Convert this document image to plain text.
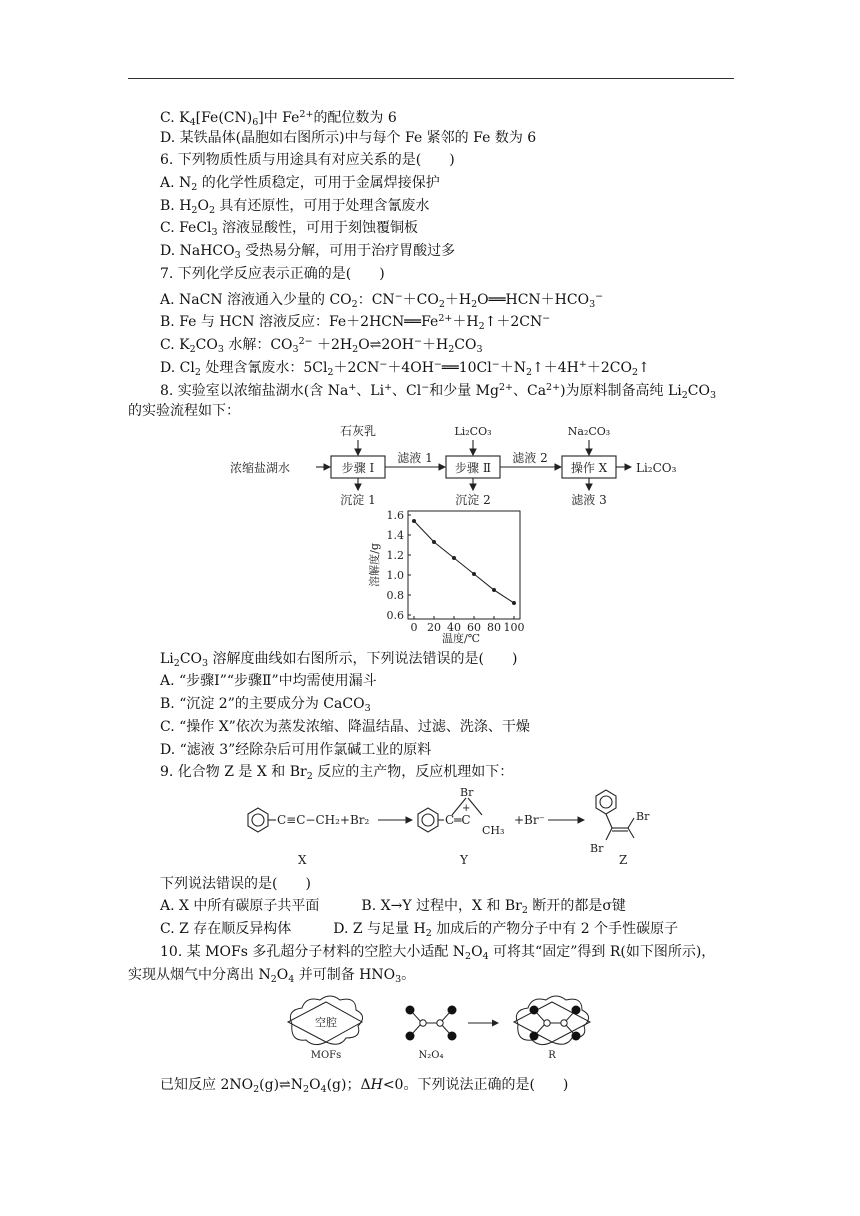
C. $K_4[Fe(CN)_6]$中 $Fe^{2+}$的配位数为 6
D. 某铁晶体(晶胞如右图所示)中与每个 Fe 紧邻的 Fe 数为 6
6. 下列物质性质与用途具有对应关系的是(　　)
A. $N_2$ 的化学性质稳定，可用于金属焊接保护
B. $H_2O_2$ 具有还原性，可用于处理含氰废水
C. FeCl$_3$ 溶液显酸性，可用于刻蚀覆铜板
D. NaHCO$_3$ 受热易分解，可用于治疗胃酸过多
7. 下列化学反应表示正确的是(　　)
A. NaCN 溶液通入少量的 $CO_2$：$CN^-+CO_2+H_2O══HCN+HCO_3^-$
B. Fe 与 HCN 溶液反应：$Fe+2HCN══Fe^{2+}+H_2↑+2CN^-$
C. $K_2CO_3$ 水解：$CO_3^{2-}$ $+2H_2O\rightleftharpoons 2OH^-+H_2CO_3$
D. $Cl_2$ 处理含氰废水：$5Cl_2+2CN^-+4OH^-══10Cl^-+N_2↑+4H^++2CO_2↑$
8. 实验室以浓缩盐湖水(含 Na+、Li+、Cl−和少量 $Mg^{2+}$、$Ca^{2+}$)为原料制备高纯 $Li_2CO_3$
的实验流程如下：
浓缩盐湖水	步骤 Ⅰ	步骤 Ⅱ	操作 X
石灰乳	Li₂CO₃	Na₂CO₃
滤液 1	滤液 2
Li₂CO₃
沉淀 1	沉淀 2	滤液 3
0.6
0.8
1.0
1.2
1.4
1.6
0 20 40 60 80 100
温度/℃
溶解度/g
$Li_2CO_3$ 溶解度曲线如右图所示，下列说法错误的是(　　)
A. “步骤Ⅰ”“步骤Ⅱ”中均需使用漏斗
B. “沉淀 2”的主要成分为 CaCO$_3$
C. “操作 X”依次为蒸发浓缩、降温结晶、过滤、洗涤、干燥
D. “滤液 3”经除杂后可用作氯碱工业的原料
9. 化合物 Z 是 X 和 $Br_2$ 反应的主产物，反应机理如下：
C≡C−CH₂+Br₂	C═C
Br
+
CH₃
+Br⁻	Br
Br
X	Y	Z
下列说法错误的是(　　)
A. X 中所有碳原子共平面　　　B. X→Y 过程中，X 和 $Br_2$ 断开的都是σ键
C. Z 存在顺反异构体　　　D. Z 与足量 $H_2$ 加成后的产物分子中有 2 个手性碳原子
10. 某 MOFs 多孔超分子材料的空腔大小适配 $N_2O_4$ 可将其“固定”得到 R(如下图所示)，
实现从烟气中分离出 $N_2O_4$ 并可制备 $HNO_3$。
空腔
MOFs	N₂O₄	R
已知反应 $2NO_2(g)\rightleftharpoons N_2O_4(g)$；ΔH<0。下列说法正确的是(　　)
